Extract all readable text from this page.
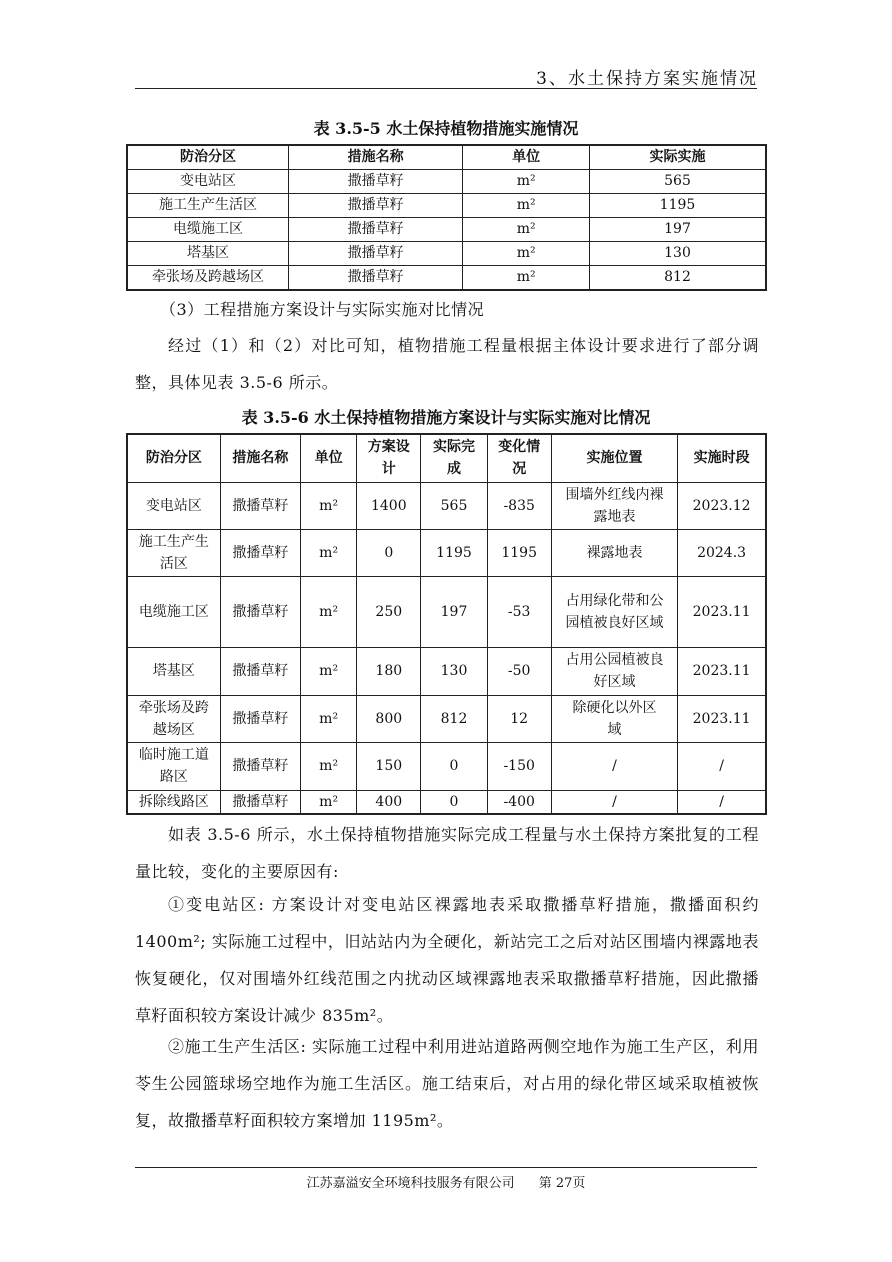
3、水土保持方案实施情况
表 3.5-5 水土保持植物措施实施情况
防治分区	措施名称	单位	实际实施
变电站区	撒播草籽	m²	565
施工生产生活区	撒播草籽	m²	1195
电缆施工区	撒播草籽	m²	197
塔基区	撒播草籽	m²	130
牵张场及跨越场区	撒播草籽	m²	812
（3）工程措施方案设计与实际实施对比情况
经过（1）和（2）对比可知，植物措施工程量根据主体设计要求进行了部分调整，具体见表 3.5-6 所示。
表 3.5-6 水土保持植物措施方案设计与实际实施对比情况
防治分区	措施名称	单位	方案设计	实际完成	变化情况	实施位置	实施时段
变电站区	撒播草籽	m²	1400	565	-835	围墙外红线内裸露地表	2023.12
施工生产生活区	撒播草籽	m²	0	1195	1195	裸露地表	2024.3
电缆施工区	撒播草籽	m²	250	197	-53	占用绿化带和公园植被良好区域	2023.11
塔基区	撒播草籽	m²	180	130	-50	占用公园植被良好区域	2023.11
牵张场及跨越场区	撒播草籽	m²	800	812	12	除硬化以外区域	2023.11
临时施工道路区	撒播草籽	m²	150	0	-150	/	/
拆除线路区	撒播草籽	m²	400	0	-400	/	/
如表 3.5-6 所示，水土保持植物措施实际完成工程量与水土保持方案批复的工程量比较，变化的主要原因有:
①变电站区: 方案设计对变电站区裸露地表采取撒播草籽措施，撒播面积约 1400m²; 实际施工过程中，旧站站内为全硬化，新站完工之后对站区围墙内裸露地表恢复硬化，仅对围墙外红线范围之内扰动区域裸露地表采取撒播草籽措施，因此撒播草籽面积较方案设计减少 835m²。
②施工生产生活区: 实际施工过程中利用进站道路两侧空地作为施工生产区，利用苓生公园篮球场空地作为施工生活区。施工结束后，对占用的绿化带区域采取植被恢复，故撒播草籽面积较方案增加 1195m²。
江苏嘉溢安全环境科技服务有限公司 第 27页
